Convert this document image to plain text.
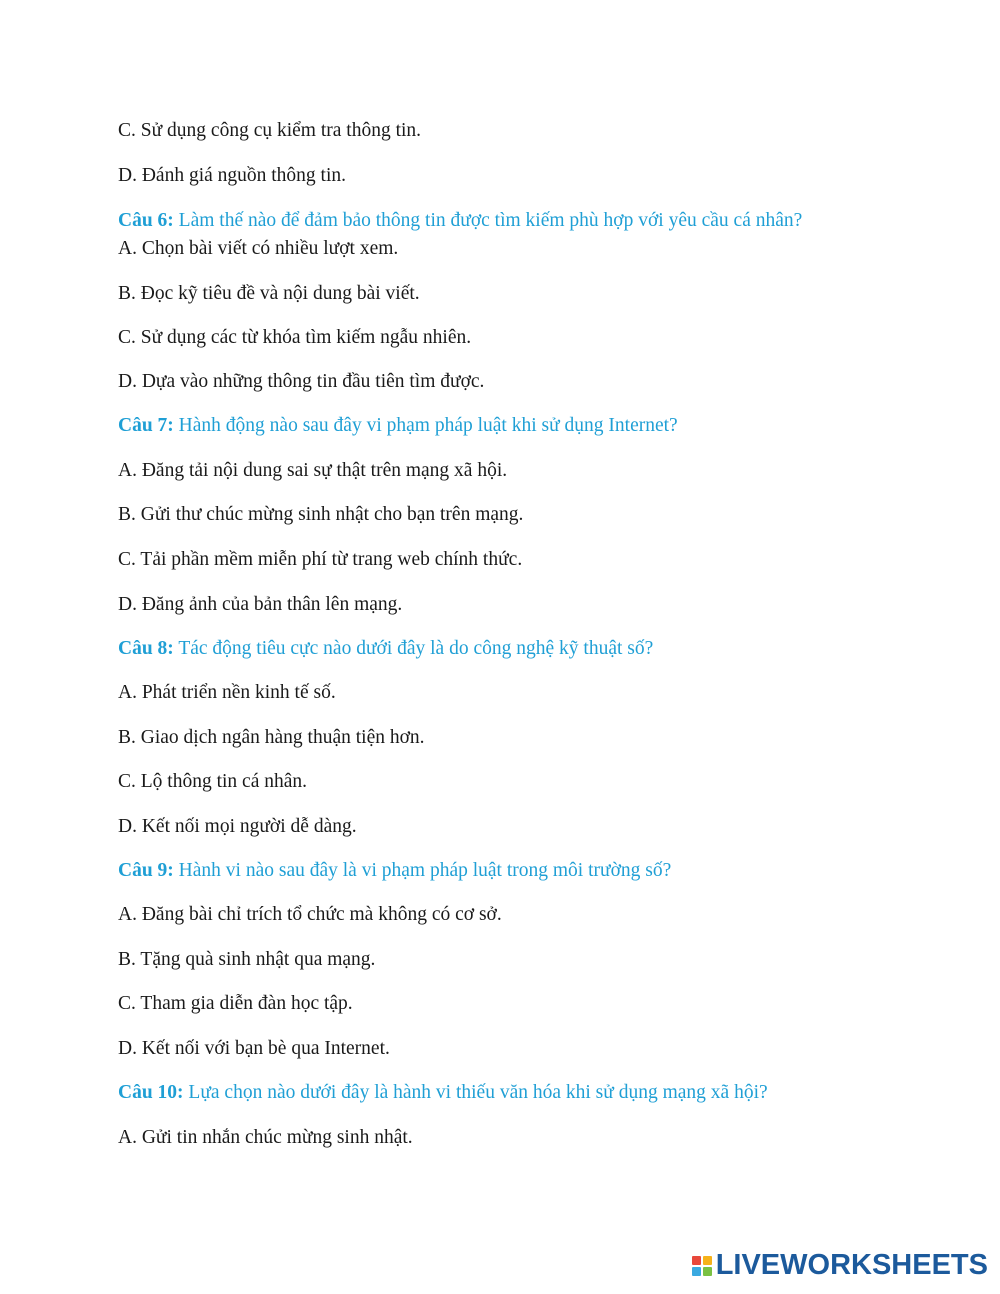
C. Sử dụng công cụ kiểm tra thông tin.
D. Đánh giá nguồn thông tin.
Câu 6: Làm thế nào để đảm bảo thông tin được tìm kiếm phù hợp với yêu cầu cá nhân?
A. Chọn bài viết có nhiều lượt xem.
B. Đọc kỹ tiêu đề và nội dung bài viết.
C. Sử dụng các từ khóa tìm kiếm ngẫu nhiên.
D. Dựa vào những thông tin đầu tiên tìm được.
Câu 7: Hành động nào sau đây vi phạm pháp luật khi sử dụng Internet?
A. Đăng tải nội dung sai sự thật trên mạng xã hội.
B. Gửi thư chúc mừng sinh nhật cho bạn trên mạng.
C. Tải phần mềm miễn phí từ trang web chính thức.
D. Đăng ảnh của bản thân lên mạng.
Câu 8: Tác động tiêu cực nào dưới đây là do công nghệ kỹ thuật số?
A. Phát triển nền kinh tế số.
B. Giao dịch ngân hàng thuận tiện hơn.
C. Lộ thông tin cá nhân.
D. Kết nối mọi người dễ dàng.
Câu 9: Hành vi nào sau đây là vi phạm pháp luật trong môi trường số?
A. Đăng bài chỉ trích tổ chức mà không có cơ sở.
B. Tặng quà sinh nhật qua mạng.
C. Tham gia diễn đàn học tập.
D. Kết nối với bạn bè qua Internet.
Câu 10: Lựa chọn nào dưới đây là hành vi thiếu văn hóa khi sử dụng mạng xã hội?
A. Gửi tin nhắn chúc mừng sinh nhật.
LIVEWORKSHEETS
